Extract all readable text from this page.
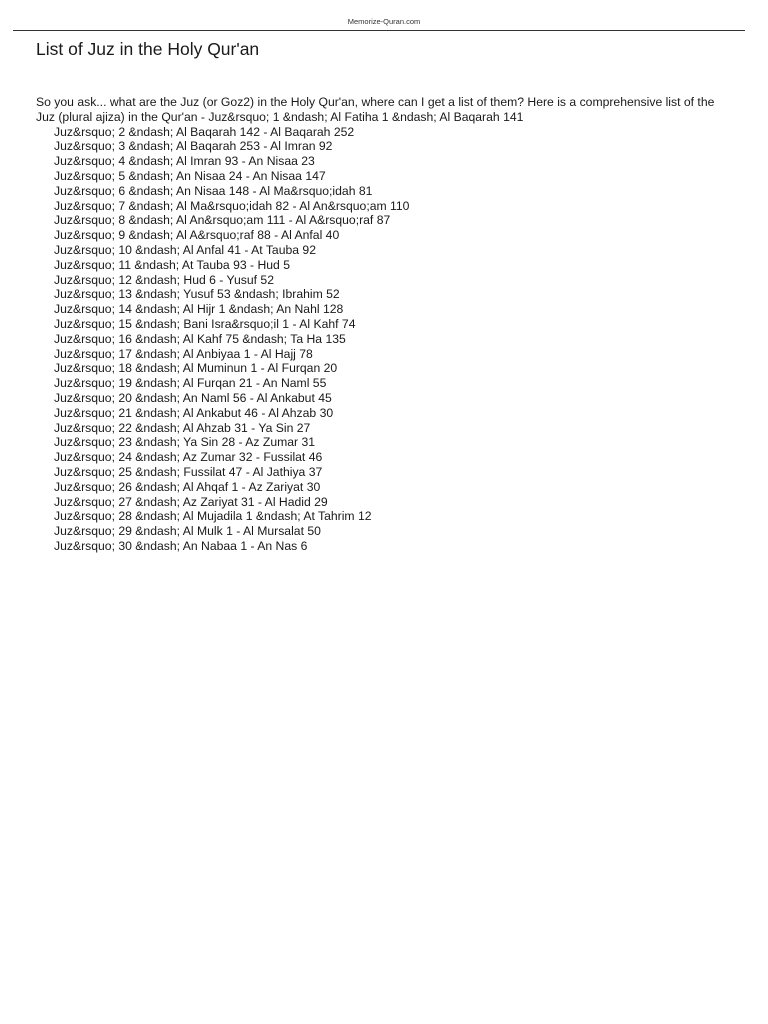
Memorize-Quran.com
List of Juz in the Holy Qur'an

So you ask... what are the Juz (or Goz2) in the Holy Qur'an, where can I get a list of them? Here is a comprehensive list of the Juz (plural ajiza) in the Qur'an - Juz&rsquo; 1 &ndash; Al Fatiha 1 &ndash; Al Baqarah 141

Juz&rsquo; 2 &ndash; Al Baqarah 142 - Al Baqarah 252
Juz&rsquo; 3 &ndash; Al Baqarah 253 - Al Imran 92
Juz&rsquo; 4 &ndash; Al Imran 93 - An Nisaa 23
Juz&rsquo; 5 &ndash; An Nisaa 24 - An Nisaa 147
Juz&rsquo; 6 &ndash; An Nisaa 148 - Al Ma&rsquo;idah 81
Juz&rsquo; 7 &ndash; Al Ma&rsquo;idah 82 - Al An&rsquo;am 110
Juz&rsquo; 8 &ndash; Al An&rsquo;am 111 - Al A&rsquo;raf 87
Juz&rsquo; 9 &ndash; Al A&rsquo;raf 88 - Al Anfal 40
Juz&rsquo; 10 &ndash; Al Anfal 41 - At Tauba 92
Juz&rsquo; 11 &ndash; At Tauba 93 - Hud 5
Juz&rsquo; 12 &ndash; Hud 6 - Yusuf 52
Juz&rsquo; 13 &ndash; Yusuf 53 &ndash; Ibrahim 52
Juz&rsquo; 14 &ndash; Al Hijr 1 &ndash; An Nahl 128
Juz&rsquo; 15 &ndash; Bani Isra&rsquo;il 1 - Al Kahf 74
Juz&rsquo; 16 &ndash; Al Kahf 75 &ndash; Ta Ha 135
Juz&rsquo; 17 &ndash; Al Anbiyaa 1 - Al Hajj 78
Juz&rsquo; 18 &ndash; Al Muminun 1 - Al Furqan 20
Juz&rsquo; 19 &ndash; Al Furqan 21 - An Naml 55
Juz&rsquo; 20 &ndash; An Naml 56 - Al Ankabut 45
Juz&rsquo; 21 &ndash; Al Ankabut 46 - Al Ahzab 30
Juz&rsquo; 22 &ndash; Al Ahzab 31 - Ya Sin 27
Juz&rsquo; 23 &ndash; Ya Sin 28 - Az Zumar 31
Juz&rsquo; 24 &ndash; Az Zumar 32 - Fussilat 46
Juz&rsquo; 25 &ndash; Fussilat 47 - Al Jathiya 37
Juz&rsquo; 26 &ndash; Al Ahqaf 1 - Az Zariyat 30
Juz&rsquo; 27 &ndash; Az Zariyat 31 - Al Hadid 29
Juz&rsquo; 28 &ndash; Al Mujadila 1 &ndash; At Tahrim 12
Juz&rsquo; 29 &ndash; Al Mulk 1 - Al Mursalat 50
Juz&rsquo; 30 &ndash; An Nabaa 1 - An Nas 6
